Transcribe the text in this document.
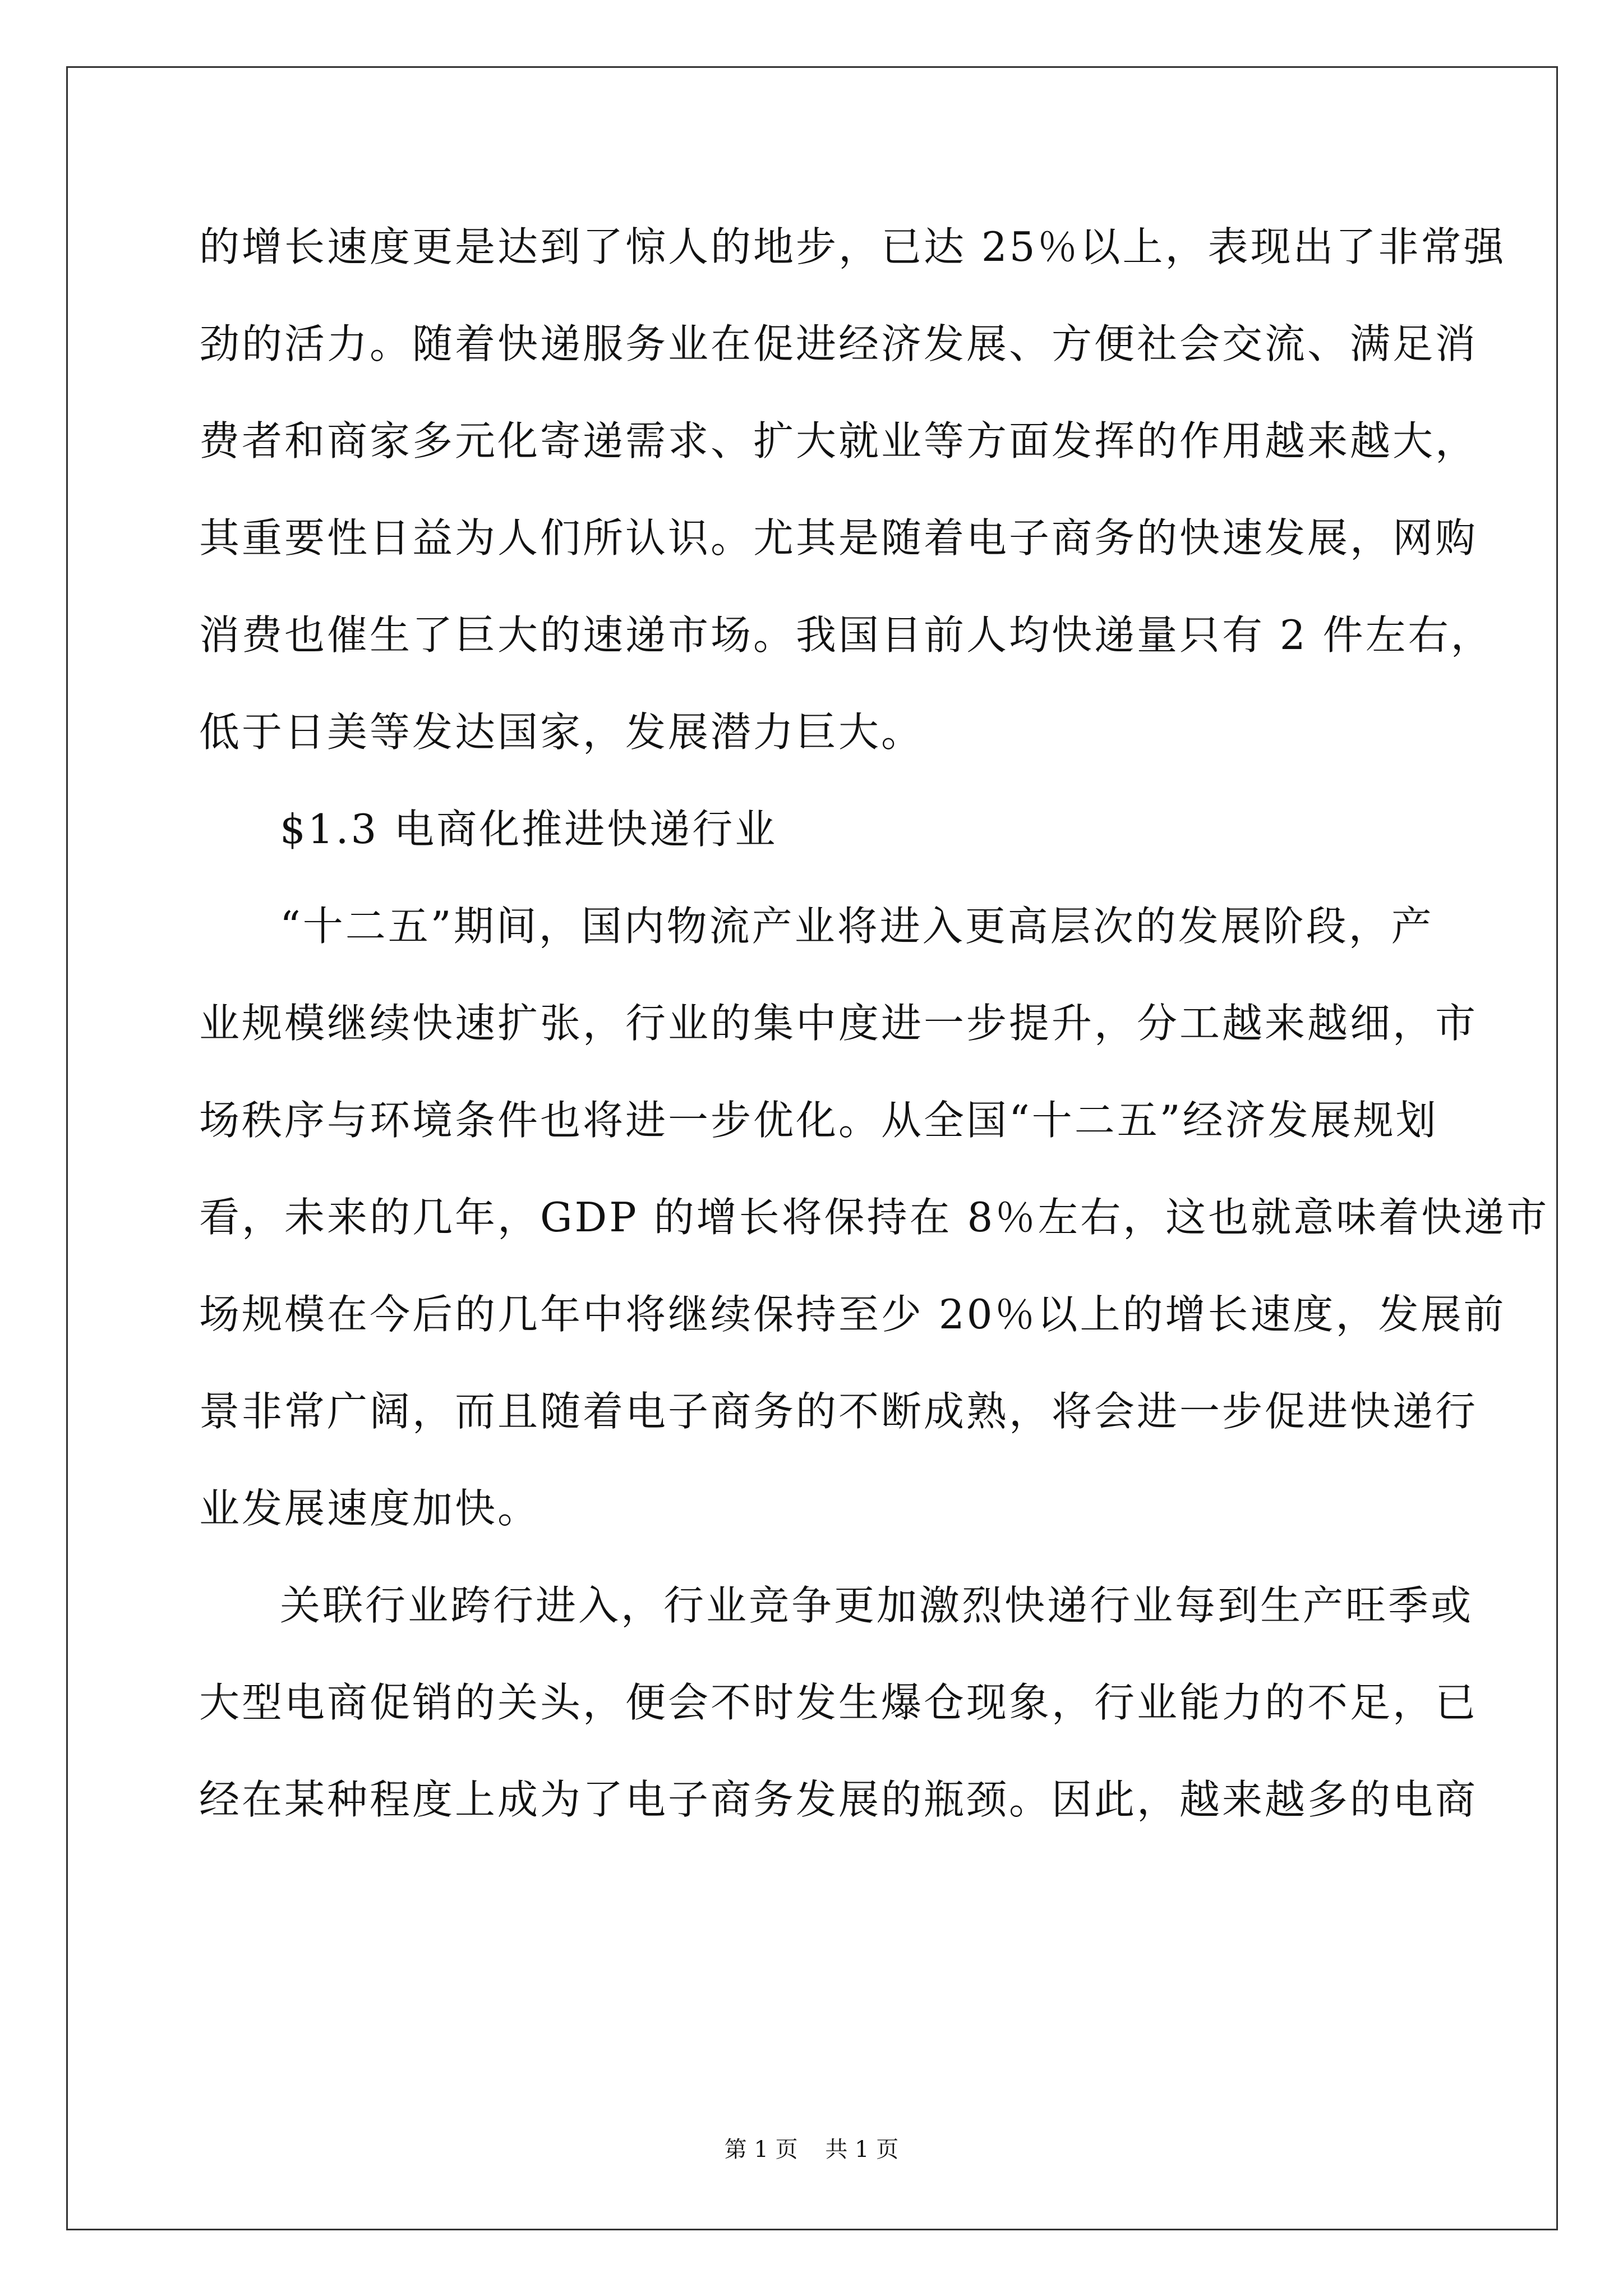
的增长速度更是达到了惊人的地步，已达 25％以上，表现出了非常强
劲的活力。随着快递服务业在促进经济发展、方便社会交流、满足消
费者和商家多元化寄递需求、扩大就业等方面发挥的作用越来越大，
其重要性日益为人们所认识。尤其是随着电子商务的快速发展，网购
消费也催生了巨大的速递市场。我国目前人均快递量只有 2 件左右，
低于日美等发达国家，发展潜力巨大。
$1.3 电商化推进快递行业
“十二五”期间，国内物流产业将进入更高层次的发展阶段，产
业规模继续快速扩张，行业的集中度进一步提升，分工越来越细，市
场秩序与环境条件也将进一步优化。从全国“十二五”经济发展规划
看，未来的几年，GDP 的增长将保持在 8％左右，这也就意味着快递市
场规模在今后的几年中将继续保持至少 20％以上的增长速度，发展前
景非常广阔，而且随着电子商务的不断成熟，将会进一步促进快递行
业发展速度加快。
关联行业跨行进入，行业竞争更加激烈快递行业每到生产旺季或
大型电商促销的关头，便会不时发生爆仓现象，行业能力的不足，已
经在某种程度上成为了电子商务发展的瓶颈。因此，越来越多的电商
第 1 页 共 1 页
